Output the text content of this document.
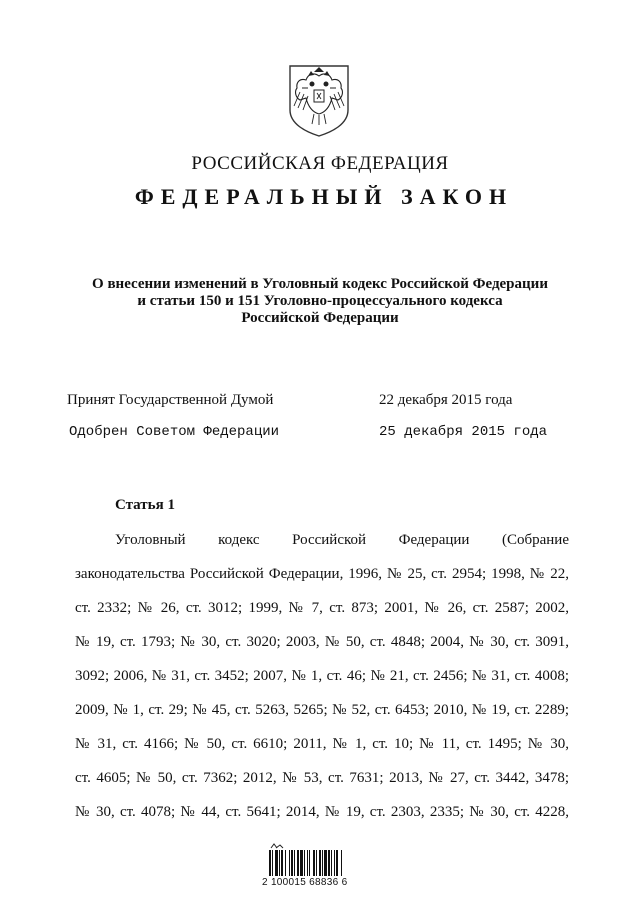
РОССИЙСКАЯ ФЕДЕРАЦИЯ
ФЕДЕРАЛЬНЫЙ ЗАКОН
О внесении изменений в Уголовный кодекс Российской Федерации
и статьи 150 и 151 Уголовно-процессуального кодекса
Российской Федерации
Принят Государственной Думой	22 декабря 2015 года
Одобрен Советом Федерации	25 декабря 2015 года
Статья 1
Уголовный кодекс Российской Федерации (Собрание
законодательства Российской Федерации, 1996, № 25, ст. 2954; 1998, № 22,
ст. 2332; № 26, ст. 3012; 1999, № 7, ст. 873; 2001, № 26, ст. 2587; 2002,
№ 19, ст. 1793; № 30, ст. 3020; 2003, № 50, ст. 4848; 2004, № 30, ст. 3091,
3092; 2006, № 31, ст. 3452; 2007, № 1, ст. 46; № 21, ст. 2456; № 31, ст. 4008;
2009, № 1, ст. 29; № 45, ст. 5263, 5265; № 52, ст. 6453; 2010, № 19, ст. 2289;
№ 31, ст. 4166; № 50, ст. 6610; 2011, № 1, ст. 10; № 11, ст. 1495; № 30,
ст. 4605; № 50, ст. 7362; 2012, № 53, ст. 7631; 2013, № 27, ст. 3442, 3478;
№ 30, ст. 4078; № 44, ст. 5641; 2014, № 19, ст. 2303, 2335; № 30, ст. 4228,
2 100015 68836 6
